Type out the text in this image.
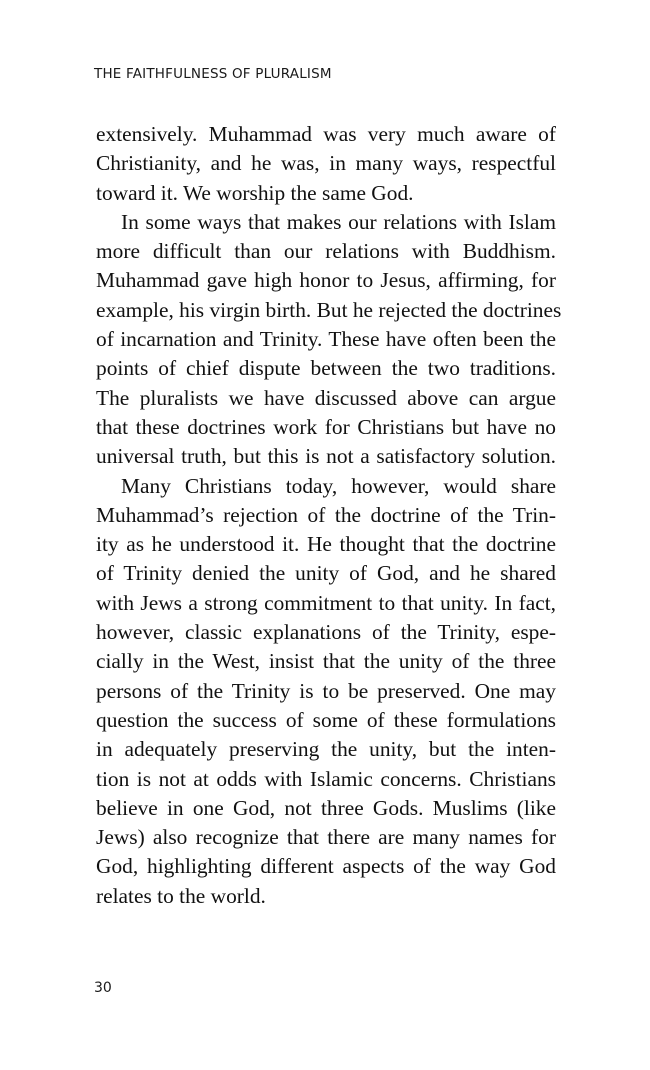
THE FAITHFULNESS OF PLURALISM

extensively. Muhammad was very much aware of
Christianity, and he was, in many ways, respectful
toward it. We worship the same God.

In some ways that makes our relations with Islam
more difficult than our relations with Buddhism.
Muhammad gave high honor to Jesus, affirming, for
example, his virgin birth. But he rejected the doctrines
of incarnation and Trinity. These have often been the
points of chief dispute between the two traditions.
The pluralists we have discussed above can argue
that these doctrines work for Christians but have no
universal truth, but this is not a satisfactory solution.

Many Christians today, however, would share
Muhammad’s rejection of the doctrine of the Trin-
ity as he understood it. He thought that the doctrine
of Trinity denied the unity of God, and he shared
with Jews a strong commitment to that unity. In fact,
however, classic explanations of the Trinity, espe-
cially in the West, insist that the unity of the three
persons of the Trinity is to be preserved. One may
question the success of some of these formulations
in adequately preserving the unity, but the inten-
tion is not at odds with Islamic concerns. Christians
believe in one God, not three Gods. Muslims (like
Jews) also recognize that there are many names for
God, highlighting different aspects of the way God
relates to the world.

30
